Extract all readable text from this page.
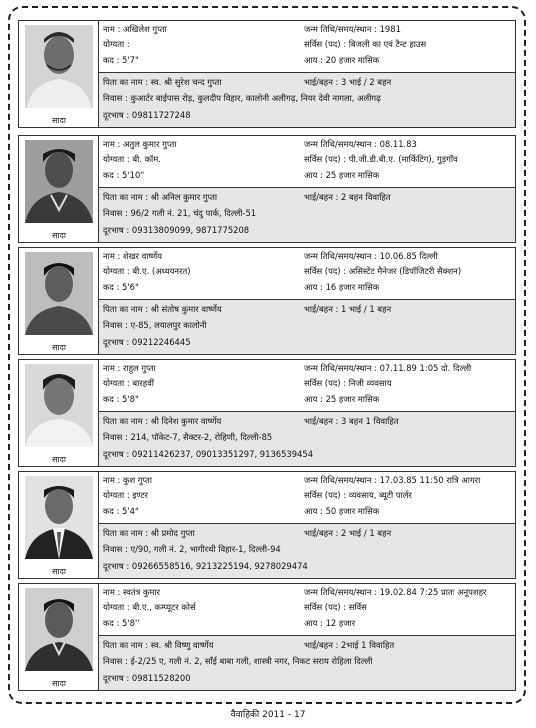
सादा
नाम : अखिलेश गुप्ता
योग्यता :
कद : 5'7"
जन्म तिथि/समय/स्थान : 1981
सर्विस (पद) : बिजली का एवं टैन्ट हाउस
आय : 20 हजार मासिक
पिता का नाम : स्व. श्री सुरेश चन्द गुप्ता	भाई/बहन : 3 भाई / 2 बहन
निवास : कुआर्टर बाईपास रोड़, कुलदीप विहार, कालोनी अलीगढ़, नियर देवी नागला, अलीगढ़
दूरभाष : 09811727248
सादा
नाम : अतुल कुमार गुप्ता
योग्यता : बी. कॉम.
कद : 5'10"
जन्म तिथि/समय/स्थान : 08.11.83
सर्विस (पद) : पी.जी.डी.बी.ए. (मार्किटिंग), गुड़गाँव
आय : 25 हजार मासिक
पिता का नाम : श्री अनिल कुमार गुप्ता	भाई/बहन : 2 बहन विवाहित
निवास : 96/2 गली नं. 21, चंदु पार्क, दिल्ली-51
दूरभाष : 09313809099, 9871775208
सादा
नाम : शेखर वार्ष्णेय
योग्यता : बी.ए. (अध्ययनरत)
कद : 5'6"
जन्म तिथि/समय/स्थान : 10.06.85 दिल्ली
सर्विस (पद) : असिस्टेंट मैनेजर (डिपॉजिटरी सैक्शन)
आय : 16 हजार मासिक
पिता का नाम : श्री संतोष कुमार वार्ष्णेय	भाई/बहन : 1 भाई / 1 बहन
निवास : ए-85, लयालपुर कालोनी
दूरभाष : 09212246445
सादा
नाम : राहुल गुप्ता
योग्यता : बारहवीं
कद : 5'8"
जन्म तिथि/समय/स्थान : 07.11.89 1:05 दो. दिल्ली
सर्विस (पद) : निजी व्यवसाय
आय : 25 हजार मासिक
पिता का नाम : श्री दिनेश कुमार वार्ष्णेय	भाई/बहन : 3 बहन 1 विवाहित
निवास : 214, पॉकेट-7, सैक्टर-2, रोहिणी, दिल्ली-85
दूरभाष : 09211426237, 09013351297, 9136539454
सादा
नाम : कुश गुप्ता
योग्यता : इण्टर
कद : 5'4"
जन्म तिथि/समय/स्थान : 17.03.85 11:50 रात्रि आगरा
सर्विस (पद) : व्यवसाय, ब्यूटी पार्लर
आय : 50 हजार मासिक
पिता का नाम : श्री प्रमोद गुप्ता	भाई/बहन : 2 भाई / 1 बहन
निवास : ए/90, गली नं. 2, भागीरथी विहार-1, दिल्ली-94
दूरभाष : 09266558516, 9213225194, 9278029474
सादा
नाम : स्वतंत्र कुमार
योग्यता : बी.ए., कम्प्यूटर कोर्स
कद : 5'8''
जन्म तिथि/समय/स्थान : 19.02.84 7:25 प्रातः अनूपशहर
सर्विस (पद) : सर्विस
आय : 12 हजार
पिता का नाम : स्व. श्री विष्णु वार्ष्णेय	भाई/बहन : 2भाई 1 विवाहित
निवास : ई-2/25 ए, गली नं. 2, साँई बाबा गली, शास्त्री नगर, निकट सराय रोहिला दिल्ली
दूरभाष : 09811528200
वैवाहिकी 2011 - 17
